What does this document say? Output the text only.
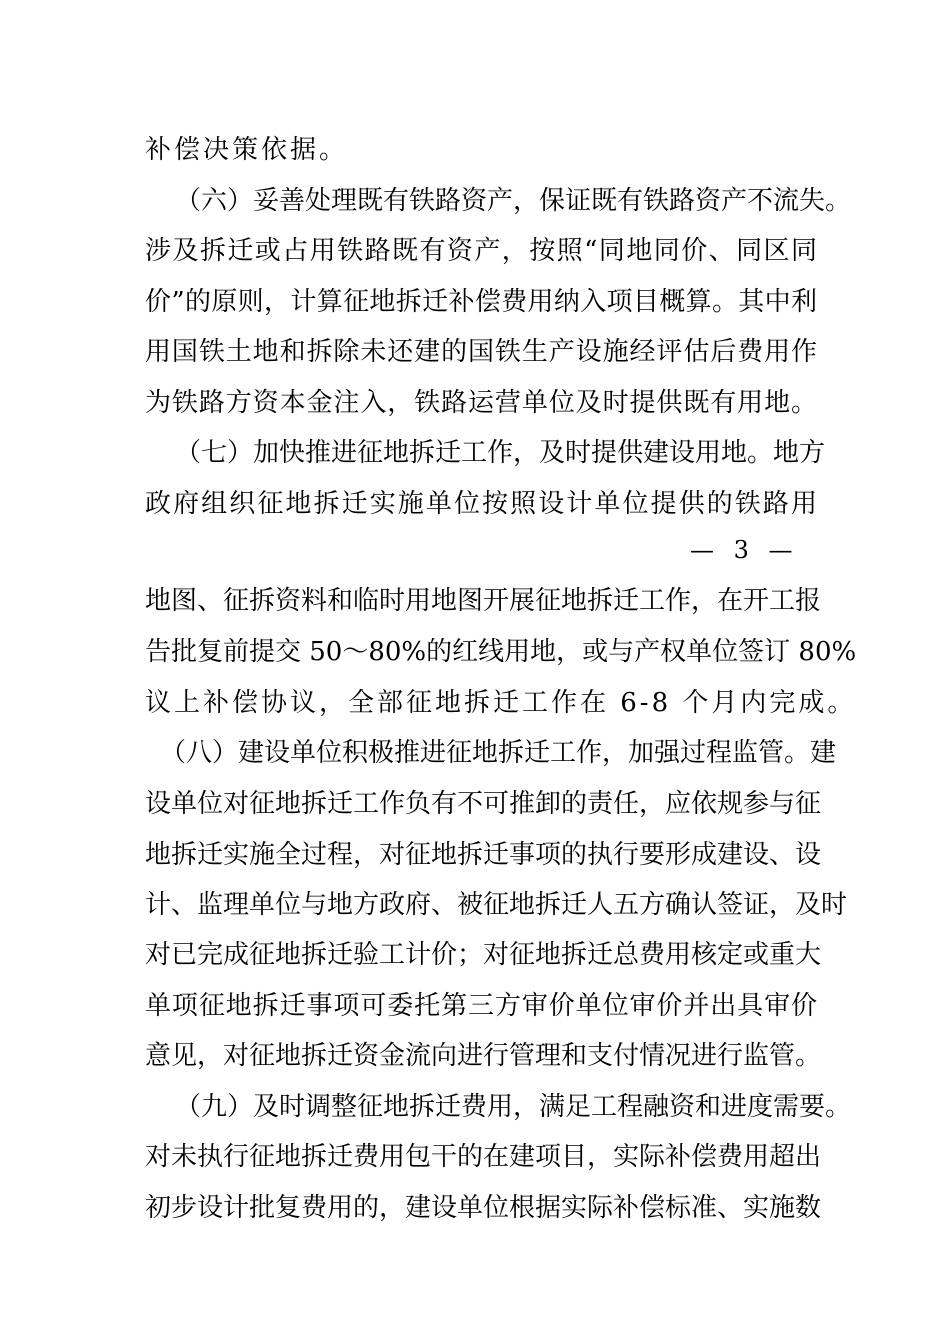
补偿决策依据。
（六）妥善处理既有铁路资产，保证既有铁路资产不流失。
涉及拆迁或占用铁路既有资产，按照“同地同价、同区同
价”的原则，计算征地拆迁补偿费用纳入项目概算。其中利
用国铁土地和拆除未还建的国铁生产设施经评估后费用作
为铁路方资本金注入，铁路运营单位及时提供既有用地。
（七）加快推进征地拆迁工作，及时提供建设用地。地方
政府组织征地拆迁实施单位按照设计单位提供的铁路用
— 3 —
地图、征拆资料和临时用地图开展征地拆迁工作，在开工报
告批复前提交 50～80%的红线用地，或与产权单位签订 80%
议上补偿协议，全部征地拆迁工作在 6-8 个月内完成。
（八）建设单位积极推进征地拆迁工作，加强过程监管。建
设单位对征地拆迁工作负有不可推卸的责任，应依规参与征
地拆迁实施全过程，对征地拆迁事项的执行要形成建设、设
计、监理单位与地方政府、被征地拆迁人五方确认签证，及时
对已完成征地拆迁验工计价；对征地拆迁总费用核定或重大
单项征地拆迁事项可委托第三方审价单位审价并出具审价
意见，对征地拆迁资金流向进行管理和支付情况进行监管。
（九）及时调整征地拆迁费用，满足工程融资和进度需要。
对未执行征地拆迁费用包干的在建项目，实际补偿费用超出
初步设计批复费用的，建设单位根据实际补偿标准、实施数
